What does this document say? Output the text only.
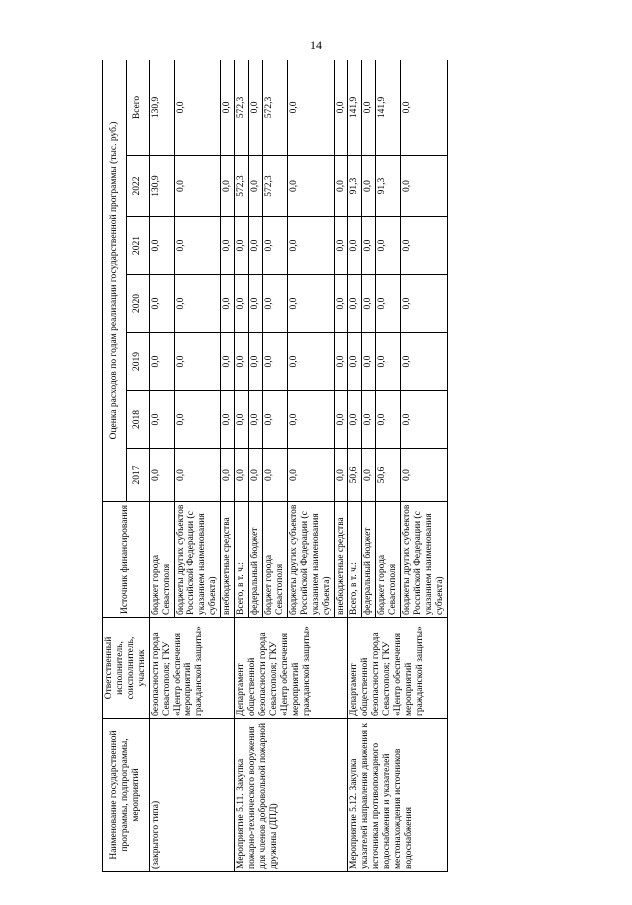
14
Наименование государственной программы, подпрограммы, мероприятий	Ответственный исполнитель, соисполнитель, участник	Источник финансирования	Оценка расходов по годам реализации государственной программы (тыс. руб.)						
			2017	2018	2019	2020	2021	2022	Всего
(закрытого типа)	безопасности города Севастополя; ГКУ «Центр обеспечения мероприятий гражданской защиты»	бюджет города Севастополя	0,0	0,0	0,0	0,0	0,0	130,9	130,9
		бюджеты других субъектов Российской Федерации (с указанием наименования субъекта)	0,0	0,0	0,0	0,0	0,0	0,0	0,0
		внебюджетные средства	0,0	0,0	0,0	0,0	0,0	0,0	0,0
Мероприятие 5.11. Закупка пожарно-технического вооружения для членов добровольной пожарной дружины (ДПД)	Департамент общественной безопасности города Севастополя; ГКУ «Центр обеспечения мероприятий гражданской защиты»	Всего, в т. ч.:	0,0	0,0	0,0	0,0	0,0	572,3	572,3
		федеральный бюджет	0,0	0,0	0,0	0,0	0,0	0,0	0,0
		бюджет города Севастополя	0,0	0,0	0,0	0,0	0,0	572,3	572,3
		бюджеты других субъектов Российской Федерации (с указанием наименования субъекта)	0,0	0,0	0,0	0,0	0,0	0,0	0,0
		внебюджетные средства	0,0	0,0	0,0	0,0	0,0	0,0	0,0
Мероприятие 5.12. Закупка указателей направления движения к источникам противопожарного водоснабжения и указателей местонахождения источников водоснабжения	Департамент общественной безопасности города Севастополя; ГКУ «Центр обеспечения мероприятий гражданской защиты»	Всего, в т. ч.:	50,6	0,0	0,0	0,0	0,0	91,3	141,9
		федеральный бюджет	0,0	0,0	0,0	0,0	0,0	0,0	0,0
		бюджет города Севастополя	50,6	0,0	0,0	0,0	0,0	91,3	141,9
		бюджеты других субъектов Российской Федерации (с указанием наименования субъекта)	0,0	0,0	0,0	0,0	0,0	0,0	0,0
